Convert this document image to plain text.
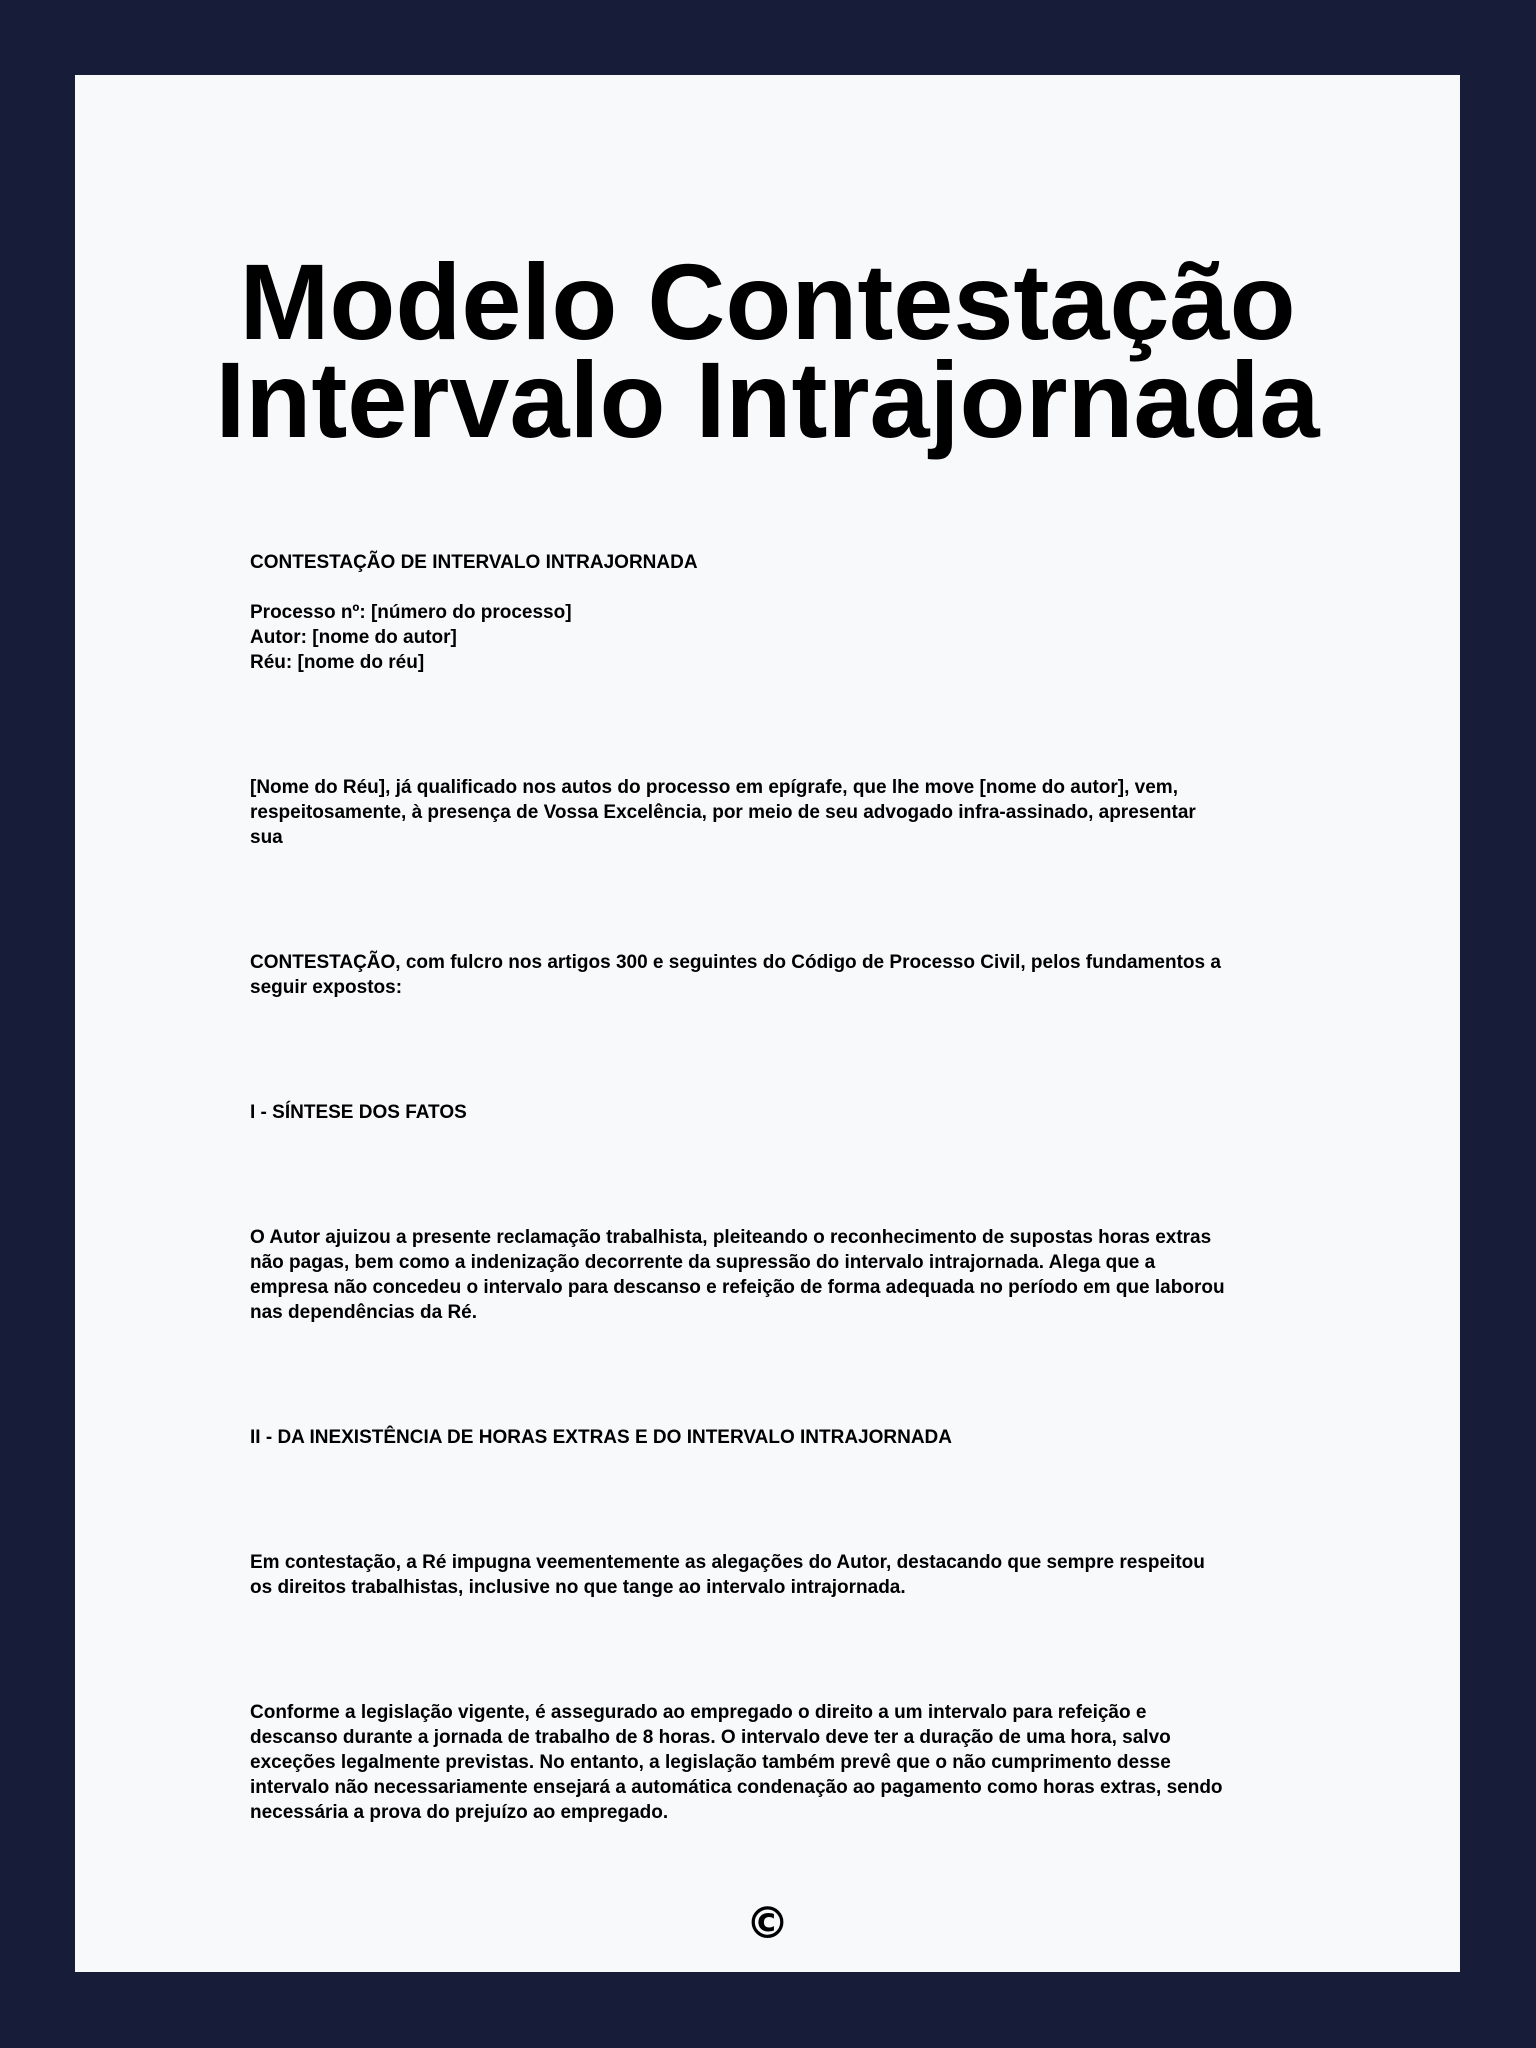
Modelo Contestação
Intervalo Intrajornada

CONTESTAÇÃO DE INTERVALO INTRAJORNADA

Processo nº: [número do processo]
Autor: [nome do autor]
Réu: [nome do réu]

[Nome do Réu], já qualificado nos autos do processo em epígrafe, que lhe move [nome do autor], vem,
respeitosamente, à presença de Vossa Excelência, por meio de seu advogado infra-assinado, apresentar
sua

CONTESTAÇÃO, com fulcro nos artigos 300 e seguintes do Código de Processo Civil, pelos fundamentos a
seguir expostos:

I - SÍNTESE DOS FATOS

O Autor ajuizou a presente reclamação trabalhista, pleiteando o reconhecimento de supostas horas extras
não pagas, bem como a indenização decorrente da supressão do intervalo intrajornada. Alega que a
empresa não concedeu o intervalo para descanso e refeição de forma adequada no período em que laborou
nas dependências da Ré.

II - DA INEXISTÊNCIA DE HORAS EXTRAS E DO INTERVALO INTRAJORNADA

Em contestação, a Ré impugna veementemente as alegações do Autor, destacando que sempre respeitou
os direitos trabalhistas, inclusive no que tange ao intervalo intrajornada.

Conforme a legislação vigente, é assegurado ao empregado o direito a um intervalo para refeição e
descanso durante a jornada de trabalho de 8 horas. O intervalo deve ter a duração de uma hora, salvo
exceções legalmente previstas. No entanto, a legislação também prevê que o não cumprimento desse
intervalo não necessariamente ensejará a automática condenação ao pagamento como horas extras, sendo
necessária a prova do prejuízo ao empregado.

©
